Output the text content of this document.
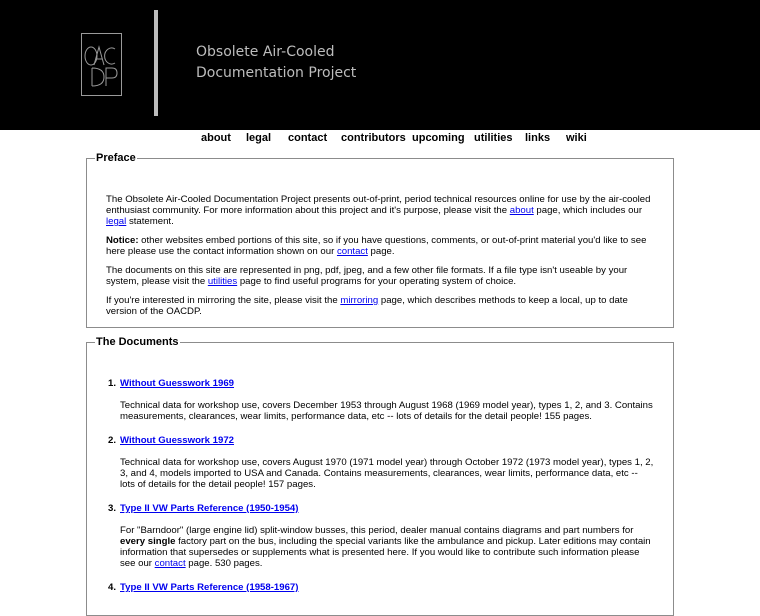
Obsolete Air-Cooled
Documentation Project
about legal contact contributors upcoming utilities links wiki
Preface

The Obsolete Air-Cooled Documentation Project presents out-of-print, period technical resources online for use by the air-cooled enthusiast community. For more information about this project and it's purpose, please visit the about page, which includes our legal statement.

Notice: other websites embed portions of this site, so if you have questions, comments, or out-of-print material you'd like to see here please use the contact information shown on our contact page.

The documents on this site are represented in png, pdf, jpeg, and a few other file formats. If a file type isn't useable by your system, please visit the utilities page to find useful programs for your operating system of choice.

If you're interested in mirroring the site, please visit the mirroring page, which describes methods to keep a local, up to date version of the OACDP.

The Documents
1. Without Guesswork 1969
Technical data for workshop use, covers December 1953 through August 1968 (1969 model year), types 1, 2, and 3. Contains measurements, clearances, wear limits, performance data, etc -- lots of details for the detail people! 155 pages.
2. Without Guesswork 1972
Technical data for workshop use, covers August 1970 (1971 model year) through October 1972 (1973 model year), types 1, 2, 3, and 4, models imported to USA and Canada. Contains measurements, clearances, wear limits, performance data, etc -- lots of details for the detail people! 157 pages.
3. Type II VW Parts Reference (1950-1954)
For "Barndoor" (large engine lid) split-window busses, this period, dealer manual contains diagrams and part numbers for every single factory part on the bus, including the special variants like the ambulance and pickup. Later editions may contain information that supersedes or supplements what is presented here. If you would like to contribute such information please see our contact page. 530 pages.
4. Type II VW Parts Reference (1958-1967)
